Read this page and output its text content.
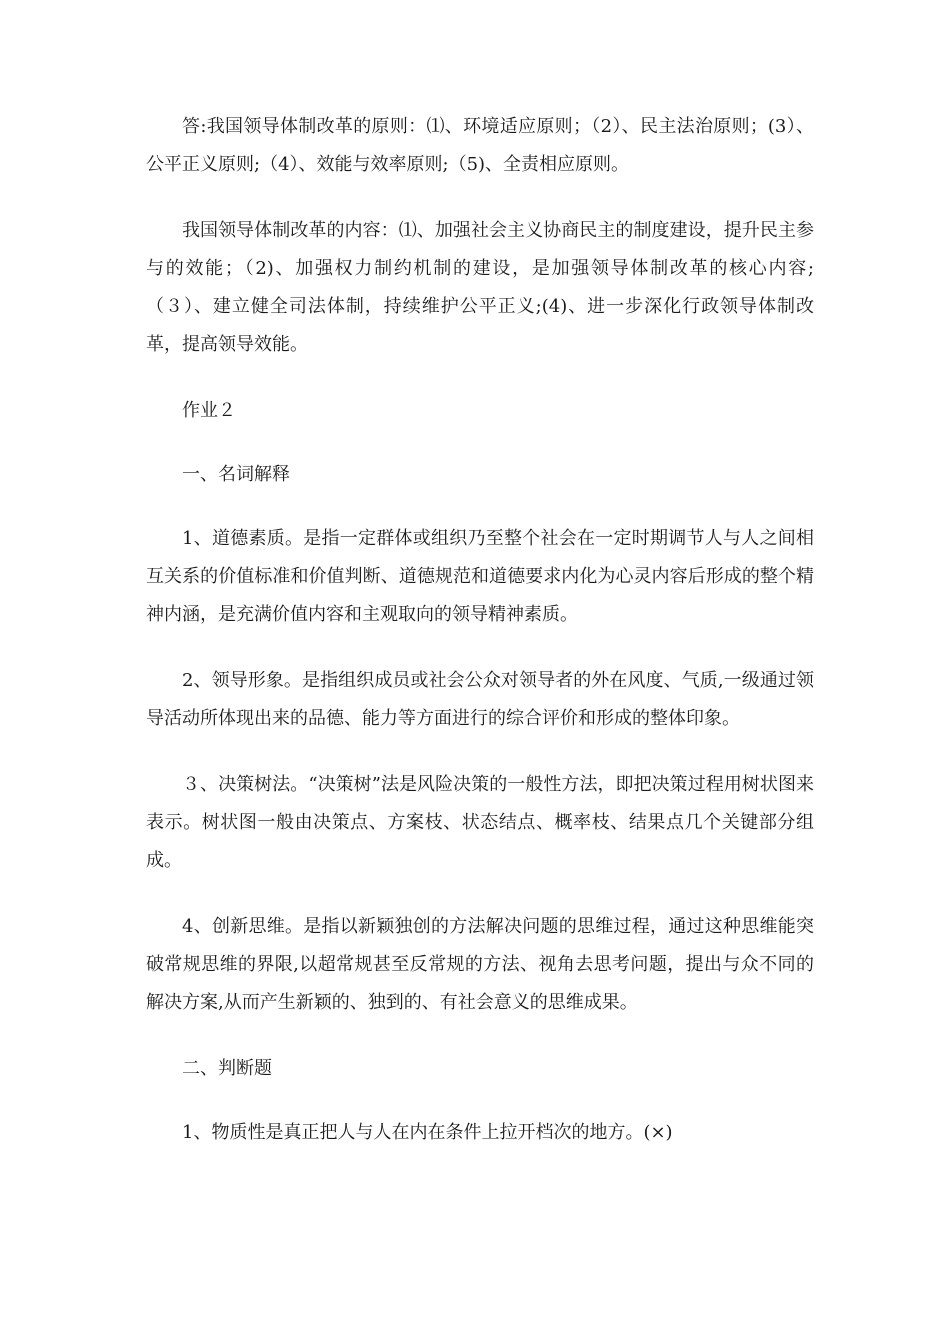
答:我国领导体制改革的原则：⑴、环境适应原则；（2）、民主法治原则；(3）、公平正义原则;（4）、效能与效率原则;（5)、全责相应原则。

我国领导体制改革的内容：⑴、加强社会主义协商民主的制度建设，提升民主参与的效能；（2)、加强权力制约机制的建设，是加强领导体制改革的核心内容;（３）、建立健全司法体制，持续维护公平正义;(4)、进一步深化行政领导体制改革，提高领导效能。

作业２

一、名词解释

1、道德素质。是指一定群体或组织乃至整个社会在一定时期调节人与人之间相互关系的价值标准和价值判断、道德规范和道德要求内化为心灵内容后形成的整个精神内涵，是充满价值内容和主观取向的领导精神素质。

2、领导形象。是指组织成员或社会公众对领导者的外在风度、气质,一级通过领导活动所体现出来的品德、能力等方面进行的综合评价和形成的整体印象。

３、决策树法。“决策树”法是风险决策的一般性方法，即把决策过程用树状图来表示。树状图一般由决策点、方案枝、状态结点、概率枝、结果点几个关键部分组成。

4、创新思维。是指以新颖独创的方法解决问题的思维过程，通过这种思维能突破常规思维的界限,以超常规甚至反常规的方法、视角去思考问题，提出与众不同的解决方案,从而产生新颖的、独到的、有社会意义的思维成果。

二、判断题

1、物质性是真正把人与人在内在条件上拉开档次的地方。(×)
